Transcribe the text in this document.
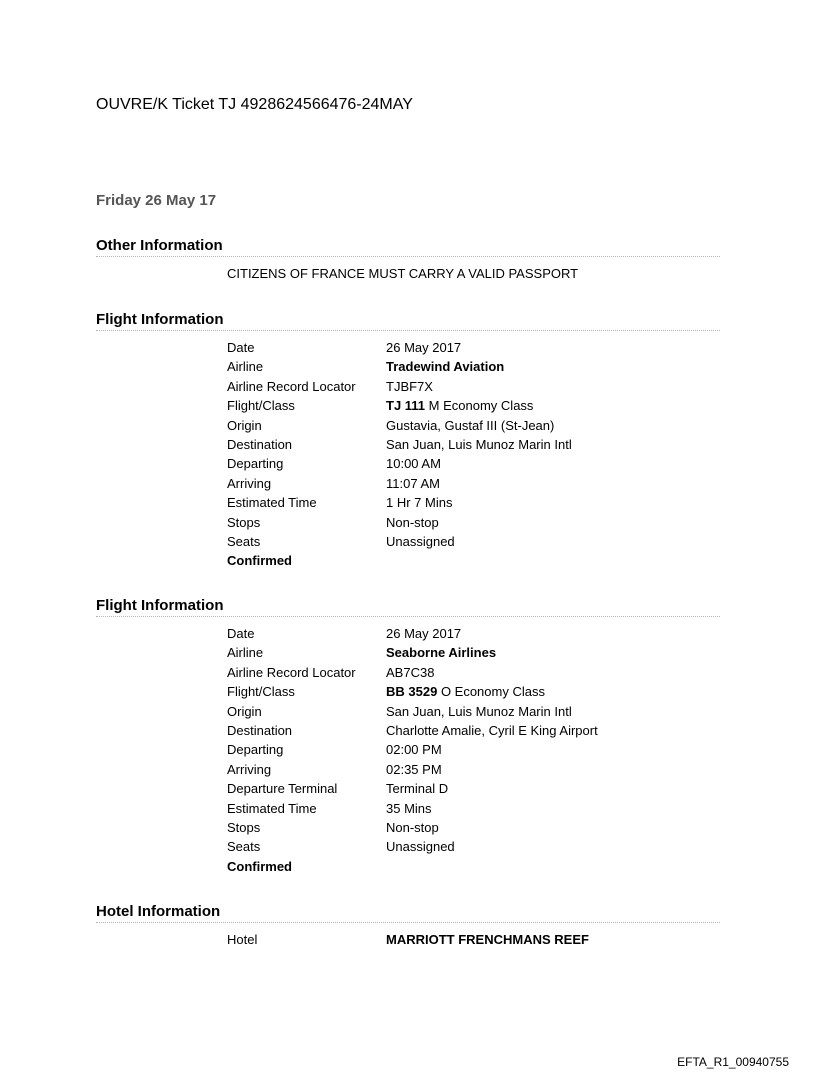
OUVRE/K Ticket TJ 4928624566476-24MAY
Friday 26 May 17
Other Information
CITIZENS OF FRANCE MUST CARRY A VALID PASSPORT
Flight Information
Date	26 May 2017
Airline	Tradewind Aviation
Airline Record Locator TJBF7X
Flight/Class	TJ 111 M Economy Class
Origin	Gustavia, Gustaf III (St-Jean)
Destination	San Juan, Luis Munoz Marin Intl
Departing	10:00 AM
Arriving	11:07 AM
Estimated Time	1 Hr 7 Mins
Stops	Non-stop
Seats	Unassigned
Confirmed
Flight Information
Date	26 May 2017
Airline	Seaborne Airlines
Airline Record Locator AB7C38
Flight/Class	BB 3529 O Economy Class
Origin	San Juan, Luis Munoz Marin Intl
Destination	Charlotte Amalie, Cyril E King Airport
Departing	02:00 PM
Arriving	02:35 PM
Departure Terminal	Terminal D
Estimated Time	35 Mins
Stops	Non-stop
Seats	Unassigned
Confirmed
Hotel Information
Hotel	MARRIOTT FRENCHMANS REEF
EFTA_R1_00940755
